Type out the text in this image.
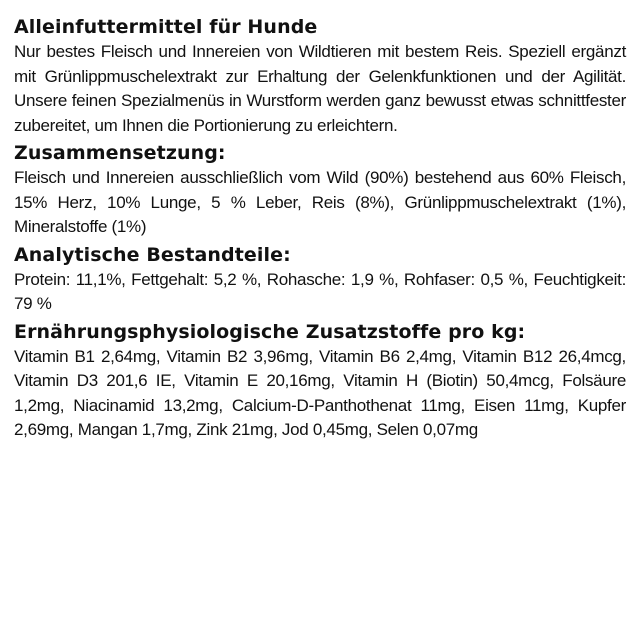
Alleinfuttermittel für Hunde

Nur bestes Fleisch und Innereien von Wildtieren mit bestem Reis. Speziell ergänzt mit Grünlippmuschelextrakt zur Erhaltung der Gelenkfunktionen und der Agilität. Unsere feinen Spezialmenüs in Wurstform werden ganz bewusst etwas schnittfester zubereitet, um Ihnen die Portionierung zu erleichtern.

Zusammensetzung:

Fleisch und Innereien ausschließlich vom Wild (90%) bestehend aus 60% Fleisch, 15% Herz, 10% Lunge, 5 % Leber, Reis (8%), Grünlippmuschelextrakt (1%), Mineralstoffe (1%)

Analytische Bestandteile:

Protein: 11,1%, Fettgehalt: 5,2 %, Rohasche: 1,9 %, Rohfaser: 0,5 %, Feuchtigkeit: 79 %

Ernährungsphysiologische Zusatzstoffe pro kg:

Vitamin B1 2,64mg, Vitamin B2 3,96mg, Vitamin B6 2,4mg, Vitamin B12 26,4mcg, Vitamin D3 201,6 IE, Vitamin E 20,16mg, Vitamin H (Biotin) 50,4mcg, Folsäure 1,2mg, Niacinamid 13,2mg, Calcium-D-Panthothenat 11mg, Eisen 11mg, Kupfer 2,69mg, Mangan 1,7mg, Zink 21mg, Jod 0,45mg, Selen 0,07mg
